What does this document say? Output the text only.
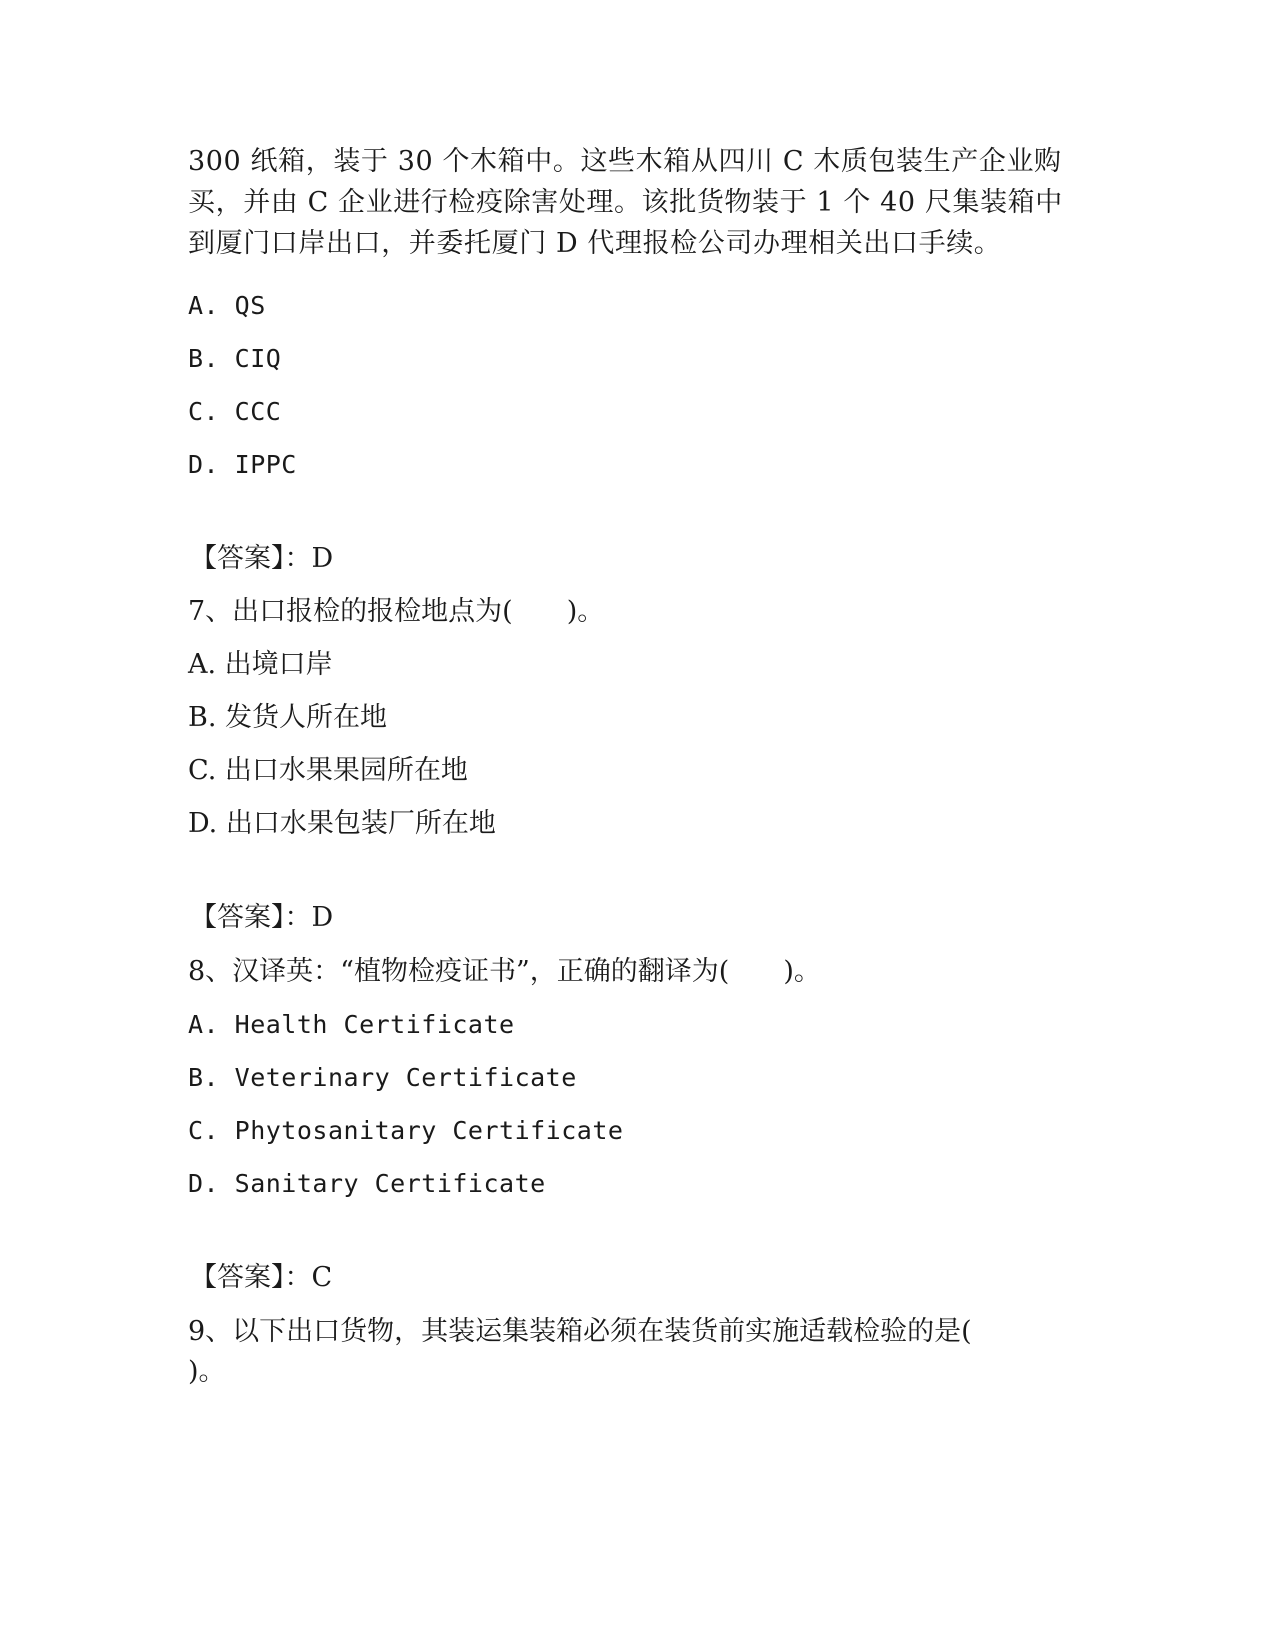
300 纸箱，装于 30 个木箱中。这些木箱从四川 C 木质包装生产企业购
买，并由 C 企业进行检疫除害处理。该批货物装于 1 个 40 尺集装箱中
到厦门口岸出口，并委托厦门 D 代理报检公司办理相关出口手续。
A. QS
B. CIQ
C. CCC
D. IPPC
【答案】：D
7、出口报检的报检地点为(　　)。
A. 出境口岸
B. 发货人所在地
C. 出口水果果园所在地
D. 出口水果包装厂所在地
【答案】：D
8、汉译英：“植物检疫证书”，正确的翻译为(　　)。
A. Health Certificate
B. Veterinary Certificate
C. Phytosanitary Certificate
D. Sanitary Certificate
【答案】：C
9、以下出口货物，其装运集装箱必须在装货前实施适载检验的是(
)。
